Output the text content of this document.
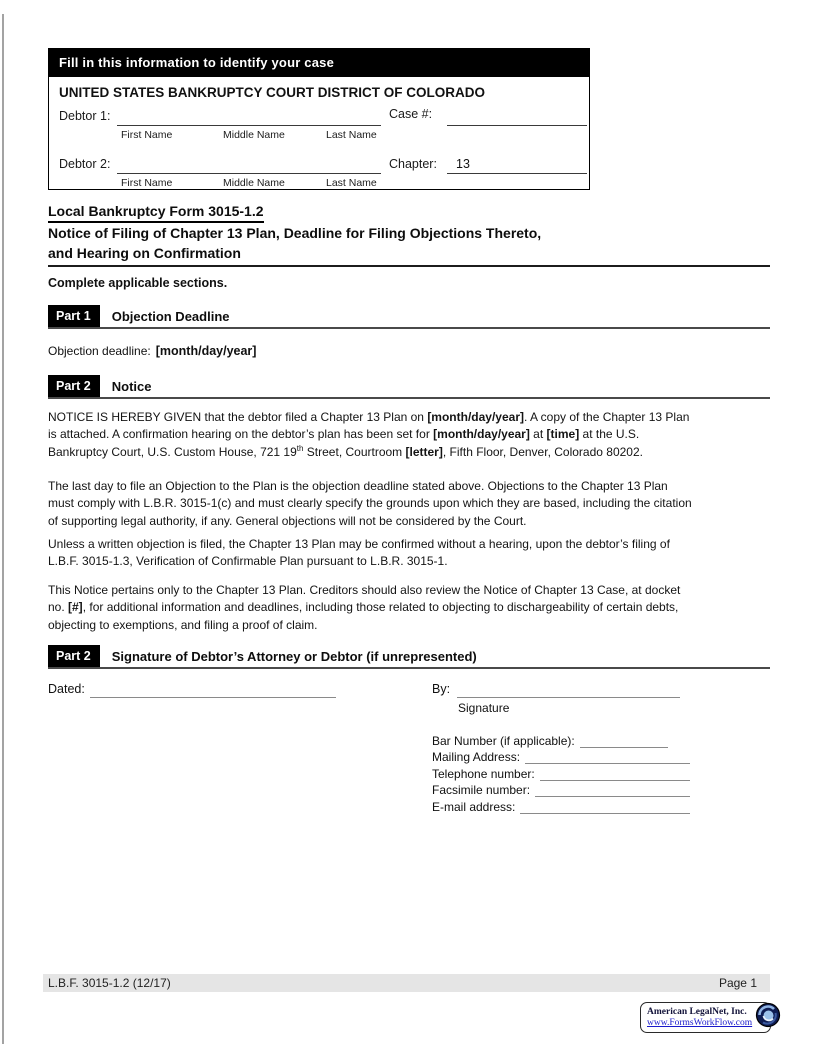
Fill in this information to identify your case
UNITED STATES BANKRUPTCY COURT DISTRICT OF COLORADO
Debtor 1:
First Name	Middle Name	Last Name
Case #:
Debtor 2:
First Name	Middle Name	Last Name
Chapter: 13
Local Bankruptcy Form 3015-1.2
Notice of Filing of Chapter 13 Plan, Deadline for Filing Objections Thereto,
and Hearing on Confirmation
Complete applicable sections.
Part 1	Objection Deadline
Objection deadline: [month/day/year]
Part 2	Notice
NOTICE IS HEREBY GIVEN that the debtor filed a Chapter 13 Plan on [month/day/year]. A copy of the Chapter 13 Plan
is attached. A confirmation hearing on the debtor’s plan has been set for [month/day/year] at [time] at the U.S.
Bankruptcy Court, U.S. Custom House, 721 19th Street, Courtroom [letter], Fifth Floor, Denver, Colorado 80202.
The last day to file an Objection to the Plan is the objection deadline stated above. Objections to the Chapter 13 Plan
must comply with L.B.R. 3015-1(c) and must clearly specify the grounds upon which they are based, including the citation
of supporting legal authority, if any. General objections will not be considered by the Court.
Unless a written objection is filed, the Chapter 13 Plan may be confirmed without a hearing, upon the debtor’s filing of
L.B.F. 3015-1.3, Verification of Confirmable Plan pursuant to L.B.R. 3015-1.
This Notice pertains only to the Chapter 13 Plan. Creditors should also review the Notice of Chapter 13 Case, at docket
no. [#], for additional information and deadlines, including those related to objecting to dischargeability of certain debts,
objecting to exemptions, and filing a proof of claim.
Part 2	Signature of Debtor’s Attorney or Debtor (if unrepresented)
Dated:	By:
Signature
Bar Number (if applicable):
Mailing Address:
Telephone number:
Facsimile number:
E-mail address:
L.B.F. 3015-1.2 (12/17)	Page 1
American LegalNet, Inc.
www.FormsWorkFlow.com
